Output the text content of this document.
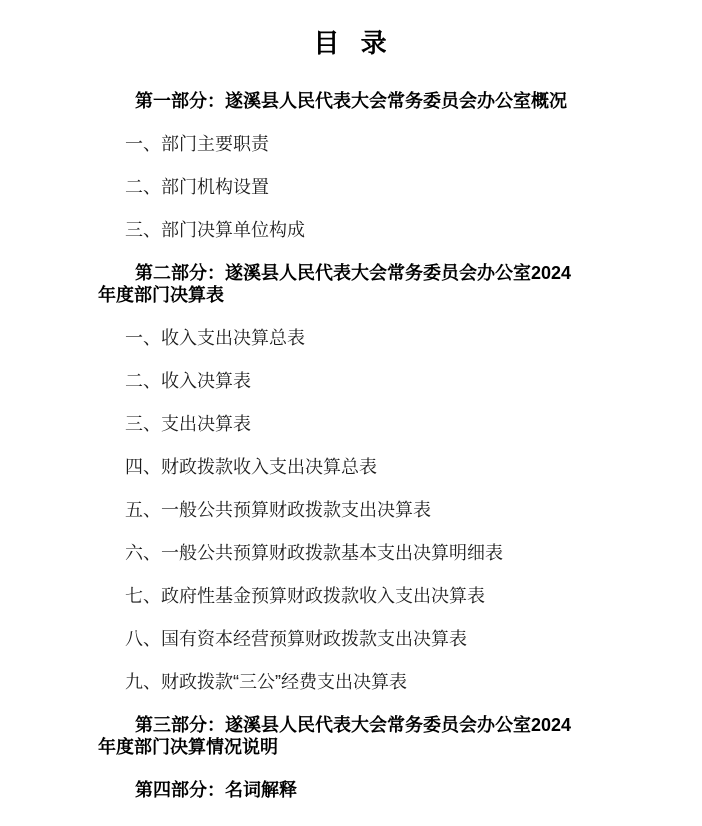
目 录

第一部分：遂溪县人民代表大会常务委员会办公室概况

一、部门主要职责

二、部门机构设置

三、部门决算单位构成

第二部分：遂溪县人民代表大会常务委员会办公室2024年度部门决算表

一、收入支出决算总表

二、收入决算表

三、支出决算表

四、财政拨款收入支出决算总表

五、一般公共预算财政拨款支出决算表

六、一般公共预算财政拨款基本支出决算明细表

七、政府性基金预算财政拨款收入支出决算表

八、国有资本经营预算财政拨款支出决算表

九、财政拨款“三公”经费支出决算表

第三部分：遂溪县人民代表大会常务委员会办公室2024年度部门决算情况说明

第四部分：名词解释
